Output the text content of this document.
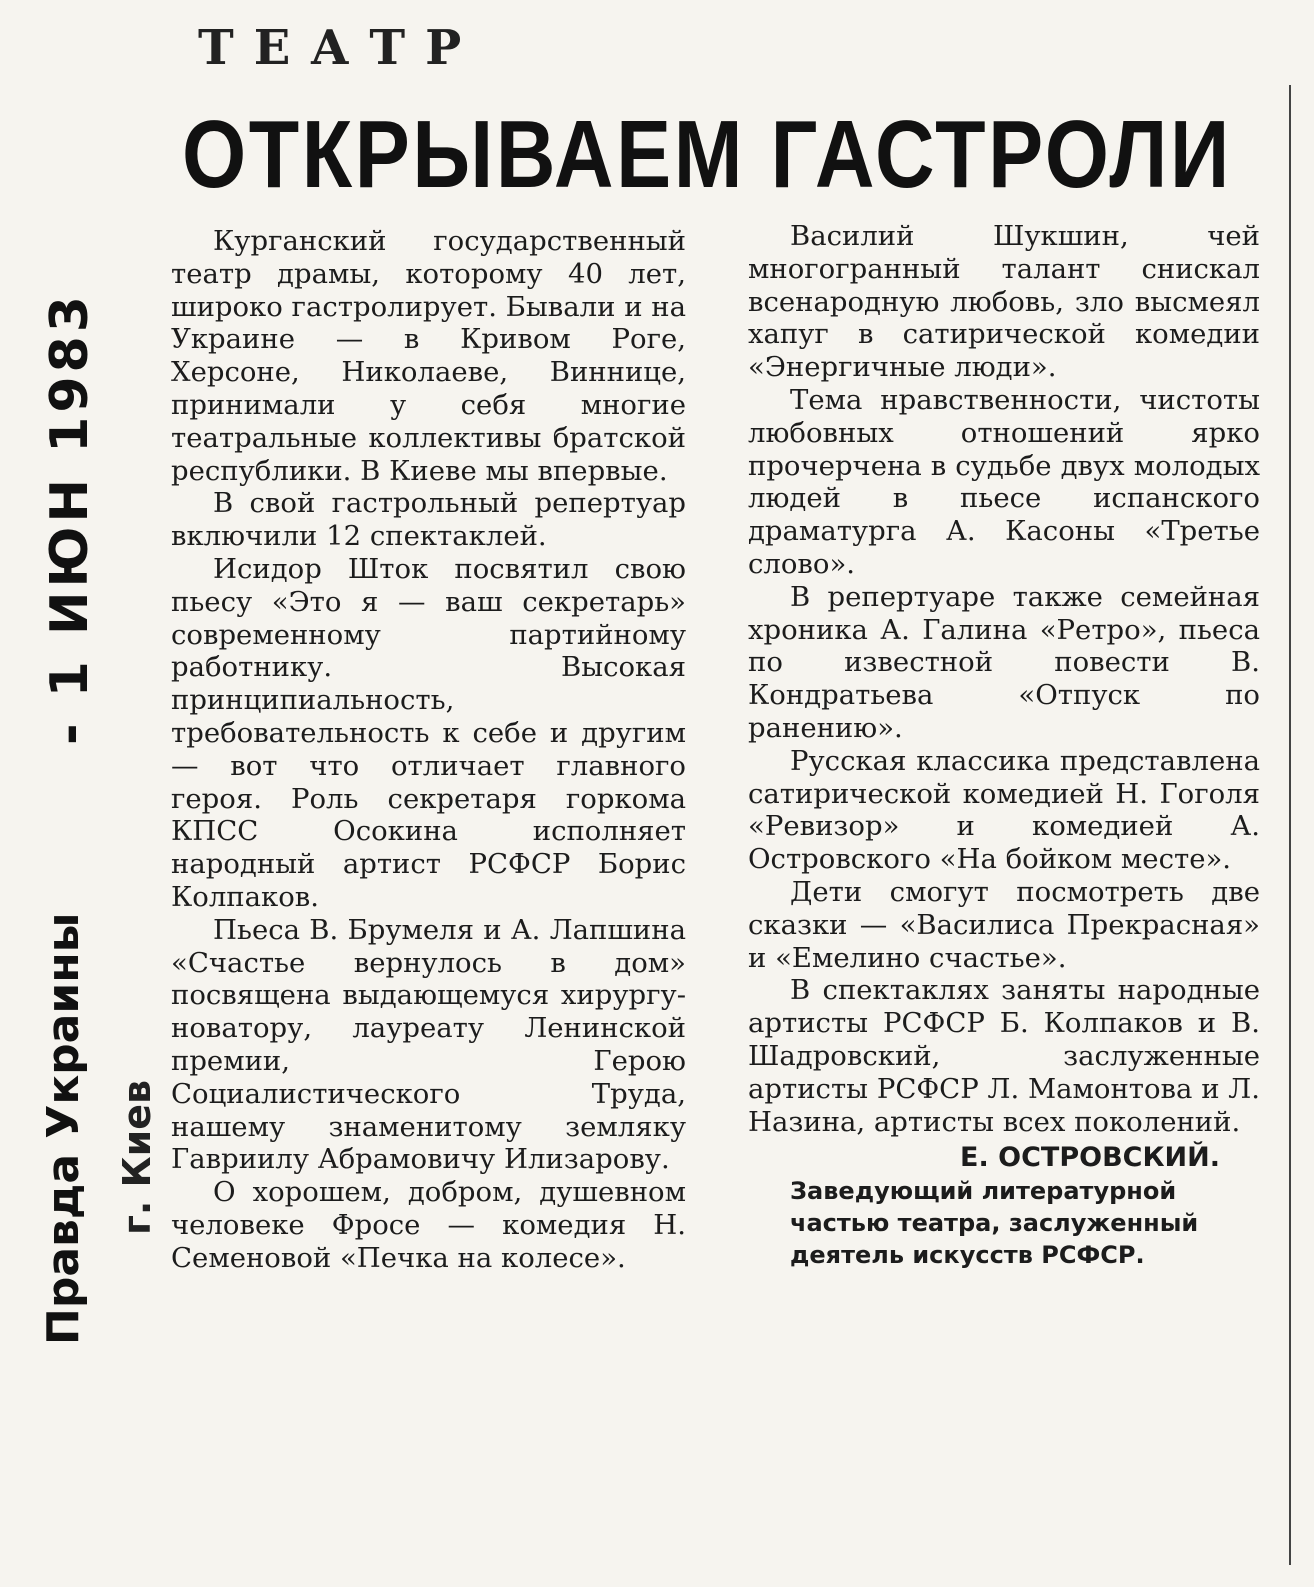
- 1 ИЮН 1983
Правда Украины г. Киев
ТЕАТР
ОТКРЫВАЕМ ГАСТРОЛИ

Курганский государственный театр драмы, которому 40 лет, широко гастролирует. Бывали и на Украине — в Кривом Роге, Херсоне, Николаеве, Виннице, принимали у себя многие театральные коллективы братской республики. В Киеве мы впервые.

В свой гастрольный репертуар включили 12 спектаклей.

Исидор Шток посвятил свою пьесу «Это я — ваш секретарь» современному партийному работнику. Высокая принципиальность, требовательность к себе и другим — вот что отличает главного героя. Роль секретаря горкома КПСС Осокина исполняет народный артист РСФСР Борис Колпаков.

Пьеса В. Брумеля и А. Лапшина «Счастье вернулось в дом» посвящена выдающемуся хирургу-новатору, лауреату Ленинской премии, Герою Социалистического Труда, нашему знаменитому земляку Гавриилу Абрамовичу Илизарову.

О хорошем, добром, душевном человеке Фросе — комедия Н. Семеновой «Печка на колесе».

Василий Шукшин, чей многогранный талант снискал всенародную любовь, зло высмеял хапуг в сатирической комедии «Энергичные люди».

Тема нравственности, чистоты любовных отношений ярко прочерчена в судьбе двух молодых людей в пьесе испанского драматурга А. Касоны «Третье слово».

В репертуаре также семейная хроника А. Галина «Ретро», пьеса по известной повести В. Кондратьева «Отпуск по ранению».

Русская классика представлена сатирической комедией Н. Гоголя «Ревизор» и комедией А. Островского «На бойком месте».

Дети смогут посмотреть две сказки — «Василиса Прекрасная» и «Емелино счастье».

В спектаклях заняты народные артисты РСФСР Б. Колпаков и В. Шадровский, заслуженные артисты РСФСР Л. Мамонтова и Л. Назина, артисты всех поколений.

Е. ОСТРОВСКИЙ.
Заведующий литературной частью театра, заслуженный деятель искусств РСФСР.
